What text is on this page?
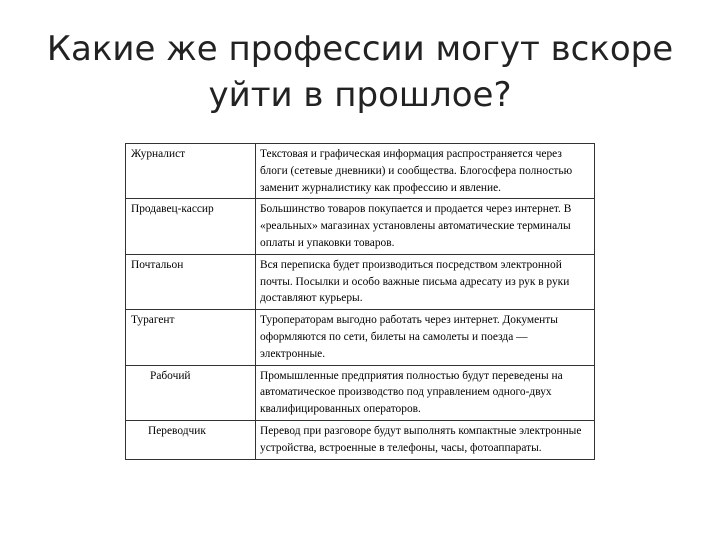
Какие же профессии могут вскоре
уйти в прошлое?
Журналист	Текстовая и графическая информация распространяется через блоги (сетевые дневники) и сообщества. Блогосфера полностью заменит журналистику как профессию и явление.
Продавец-кассир	Большинство товаров покупается и продается через интернет. В «реальных» магазинах установлены автоматические терминалы оплаты и упаковки товаров.
Почтальон	Вся переписка будет производиться посредством электронной почты. Посылки и особо важные письма адресату из рук в руки доставляют курьеры.
Турагент	Туроператорам выгодно работать через интернет. Документы оформляются по сети, билеты на самолеты и поезда — электронные.
Рабочий	Промышленные предприятия полностью будут переведены на автоматическое производство под управлением одного-двух квалифицированных операторов.
Переводчик	Перевод при разговоре будут выполнять компактные электронные устройства, встроенные в телефоны, часы, фотоаппараты.
